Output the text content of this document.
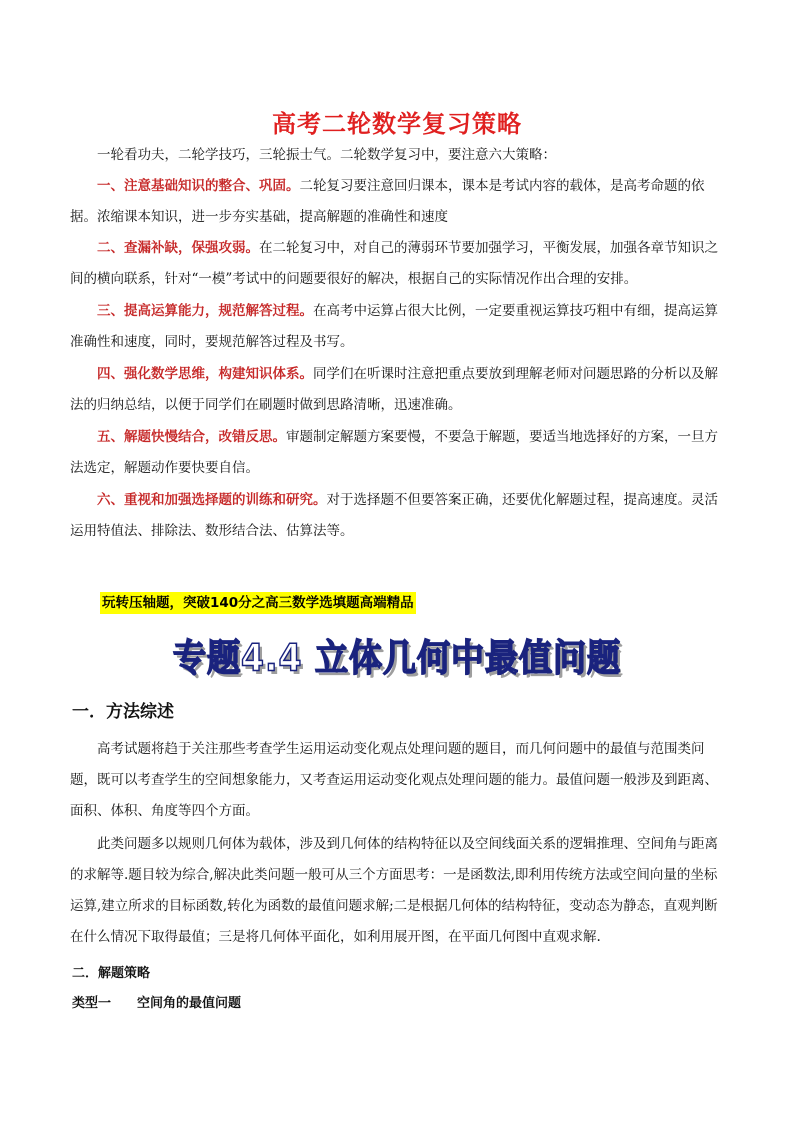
高考二轮数学复习策略

一轮看功夫，二轮学技巧，三轮振士气。二轮数学复习中，要注意六大策略：

一、注意基础知识的整合、巩固。二轮复习要注意回归课本，课本是考试内容的载体，是高考命题的依据。浓缩课本知识，进一步夯实基础，提高解题的准确性和速度

二、查漏补缺，保强攻弱。在二轮复习中，对自己的薄弱环节要加强学习，平衡发展，加强各章节知识之间的横向联系，针对“一模”考试中的问题要很好的解决，根据自己的实际情况作出合理的安排。

三、提高运算能力，规范解答过程。在高考中运算占很大比例，一定要重视运算技巧粗中有细，提高运算准确性和速度，同时，要规范解答过程及书写。

四、强化数学思维，构建知识体系。同学们在听课时注意把重点要放到理解老师对问题思路的分析以及解法的归纳总结，以便于同学们在刷题时做到思路清晰，迅速准确。

五、解题快慢结合，改错反思。审题制定解题方案要慢，不要急于解题，要适当地选择好的方案，一旦方法选定，解题动作要快要自信。

六、重视和加强选择题的训练和研究。对于选择题不但要答案正确，还要优化解题过程，提高速度。灵活运用特值法、排除法、数形结合法、估算法等。

玩转压轴题，突破140分之高三数学选填题高端精品
专题4.4 立体几何中最值问题
一．方法综述

高考试题将趋于关注那些考查学生运用运动变化观点处理问题的题目，而几何问题中的最值与范围类问题，既可以考查学生的空间想象能力，又考查运用运动变化观点处理问题的能力。最值问题一般涉及到距离、面积、体积、角度等四个方面。

此类问题多以规则几何体为载体，涉及到几何体的结构特征以及空间线面关系的逻辑推理、空间角与距离的求解等.题目较为综合,解决此类问题一般可从三个方面思考：一是函数法,即利用传统方法或空间向量的坐标运算,建立所求的目标函数,转化为函数的最值问题求解;二是根据几何体的结构特征，变动态为静态，直观判断在什么情况下取得最值；三是将几何体平面化，如利用展开图，在平面几何图中直观求解.

二．解题策略
类型一 空间角的最值问题
